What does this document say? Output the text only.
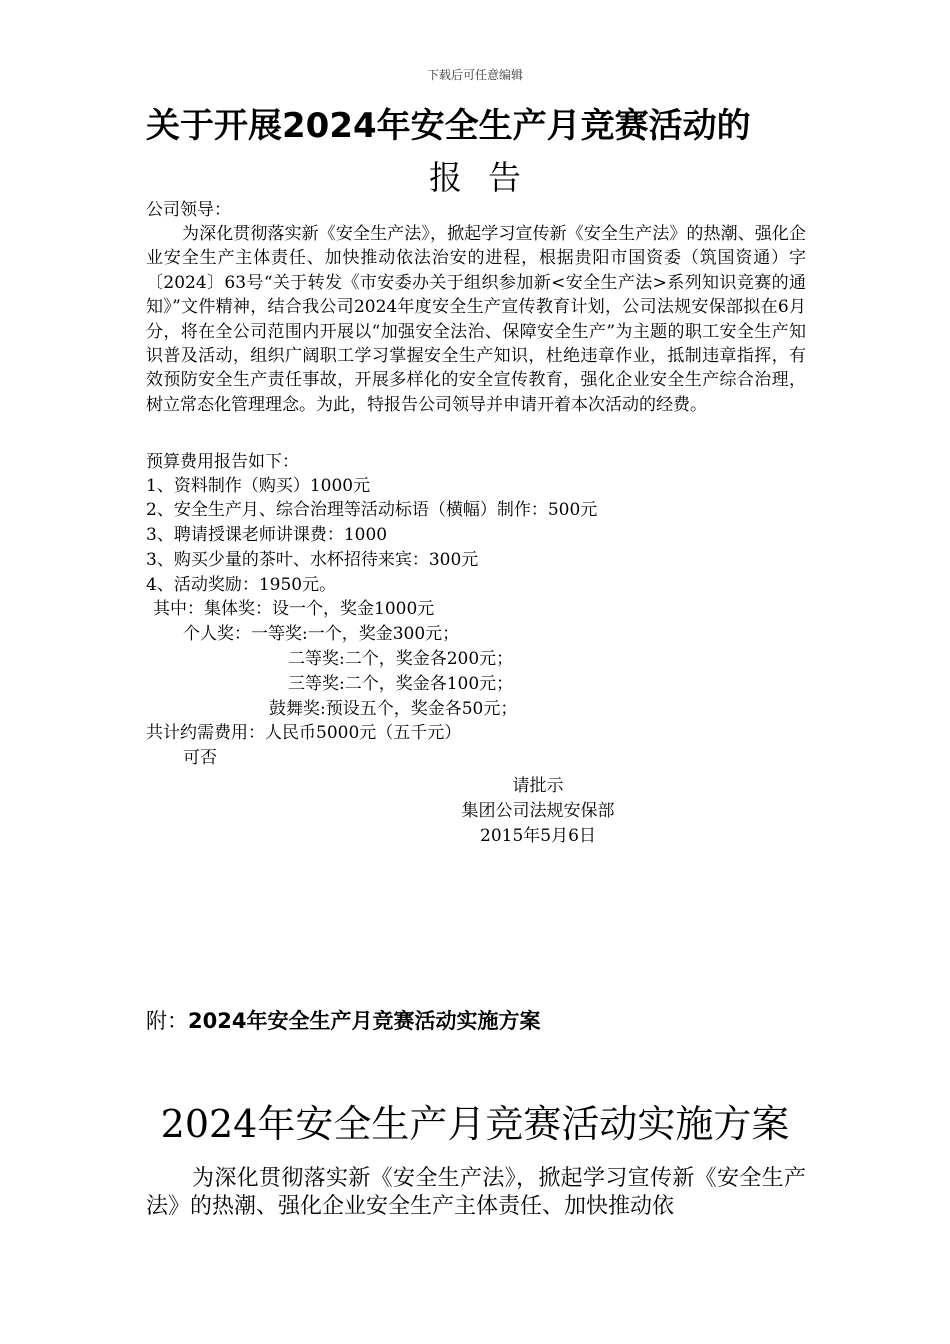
下载后可任意编辑
关于开展2024年安全生产月竞赛活动的
报告
公司领导：
为深化贯彻落实新《安全生产法》，掀起学习宣传新《安全生产法》的热潮、强化企业安全生产主体责任、加快推动依法治安的进程，根据贵阳市国资委（筑国资通）字〔2024〕63号“关于转发《市安委办关于组织参加新<安全生产法>系列知识竞赛的通知》”文件精神，结合我公司2024年度安全生产宣传教育计划，公司法规安保部拟在6月分，将在全公司范围内开展以“加强安全法治、保障安全生产”为主题的职工安全生产知识普及活动，组织广阔职工学习掌握安全生产知识，杜绝违章作业，抵制违章指挥，有效预防安全生产责任事故，开展多样化的安全宣传教育，强化企业安全生产综合治理，树立常态化管理理念。为此，特报告公司领导并申请开着本次活动的经费。
预算费用报告如下：
1、资料制作（购买）1000元
2、安全生产月、综合治理等活动标语（横幅）制作：500元
3、聘请授课老师讲课费：1000
3、购买少量的茶叶、水杯招待来宾：300元
4、活动奖励：1950元。
其中：集体奖：设一个，奖金1000元
个人奖：一等奖:一个，奖金300元；
二等奖:二个，奖金各200元；
三等奖:二个，奖金各100元；
鼓舞奖:预设五个，奖金各50元；
共计约需费用：人民币5000元（五千元）
可否
请批示
集团公司法规安保部
2015年5月6日
附：2024年安全生产月竞赛活动实施方案
2024年安全生产月竞赛活动实施方案
为深化贯彻落实新《安全生产法》，掀起学习宣传新《安全生产法》的热潮、强化企业安全生产主体责任、加快推动依
